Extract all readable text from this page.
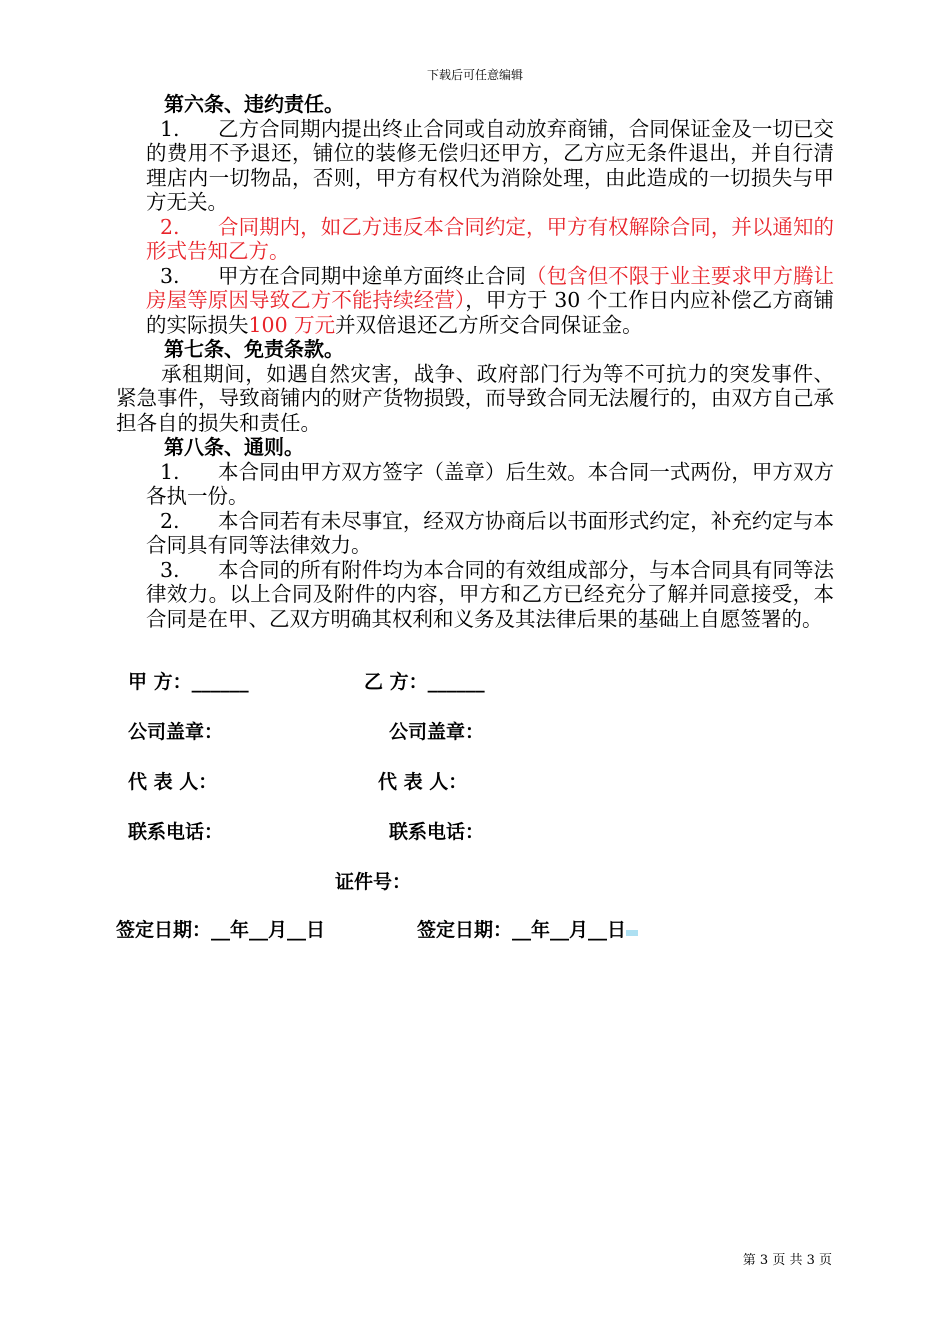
下载后可任意编辑
第六条、违约责任。
1. 乙方合同期内提出终止合同或自动放弃商铺，合同保证金及一切已交的费用不予退还，铺位的装修无偿归还甲方，乙方应无条件退出，并自行清理店内一切物品，否则，甲方有权代为消除处理，由此造成的一切损失与甲方无关。
2. 合同期内，如乙方违反本合同约定，甲方有权解除合同，并以通知的形式告知乙方。
3. 甲方在合同期中途单方面终止合同（包含但不限于业主要求甲方腾让房屋等原因导致乙方不能持续经营），甲方于 30 个工作日内应补偿乙方商铺的实际损失100 万元并双倍退还乙方所交合同保证金。
第七条、免责条款。
承租期间，如遇自然灾害，战争、政府部门行为等不可抗力的突发事件、紧急事件，导致商铺内的财产货物损毁，而导致合同无法履行的，由双方自己承担各自的损失和责任。
第八条、通则。
1. 本合同由甲方双方签字（盖章）后生效。本合同一式两份，甲方双方各执一份。
2. 本合同若有未尽事宜，经双方协商后以书面形式约定，补充约定与本合同具有同等法律效力。
3. 本合同的所有附件均为本合同的有效组成部分，与本合同具有同等法律效力。以上合同及附件的内容，甲方和乙方已经充分了解并同意接受，本合同是在甲、乙双方明确其权利和义务及其法律后果的基础上自愿签署的。
甲 方：______	乙 方：______
公司盖章：	公司盖章：
代 表 人：	代 表 人：
联系电话：	联系电话：
证件号：
签定日期：__年__月__日	签定日期：__年__月__日
第 3 页 共 3 页
